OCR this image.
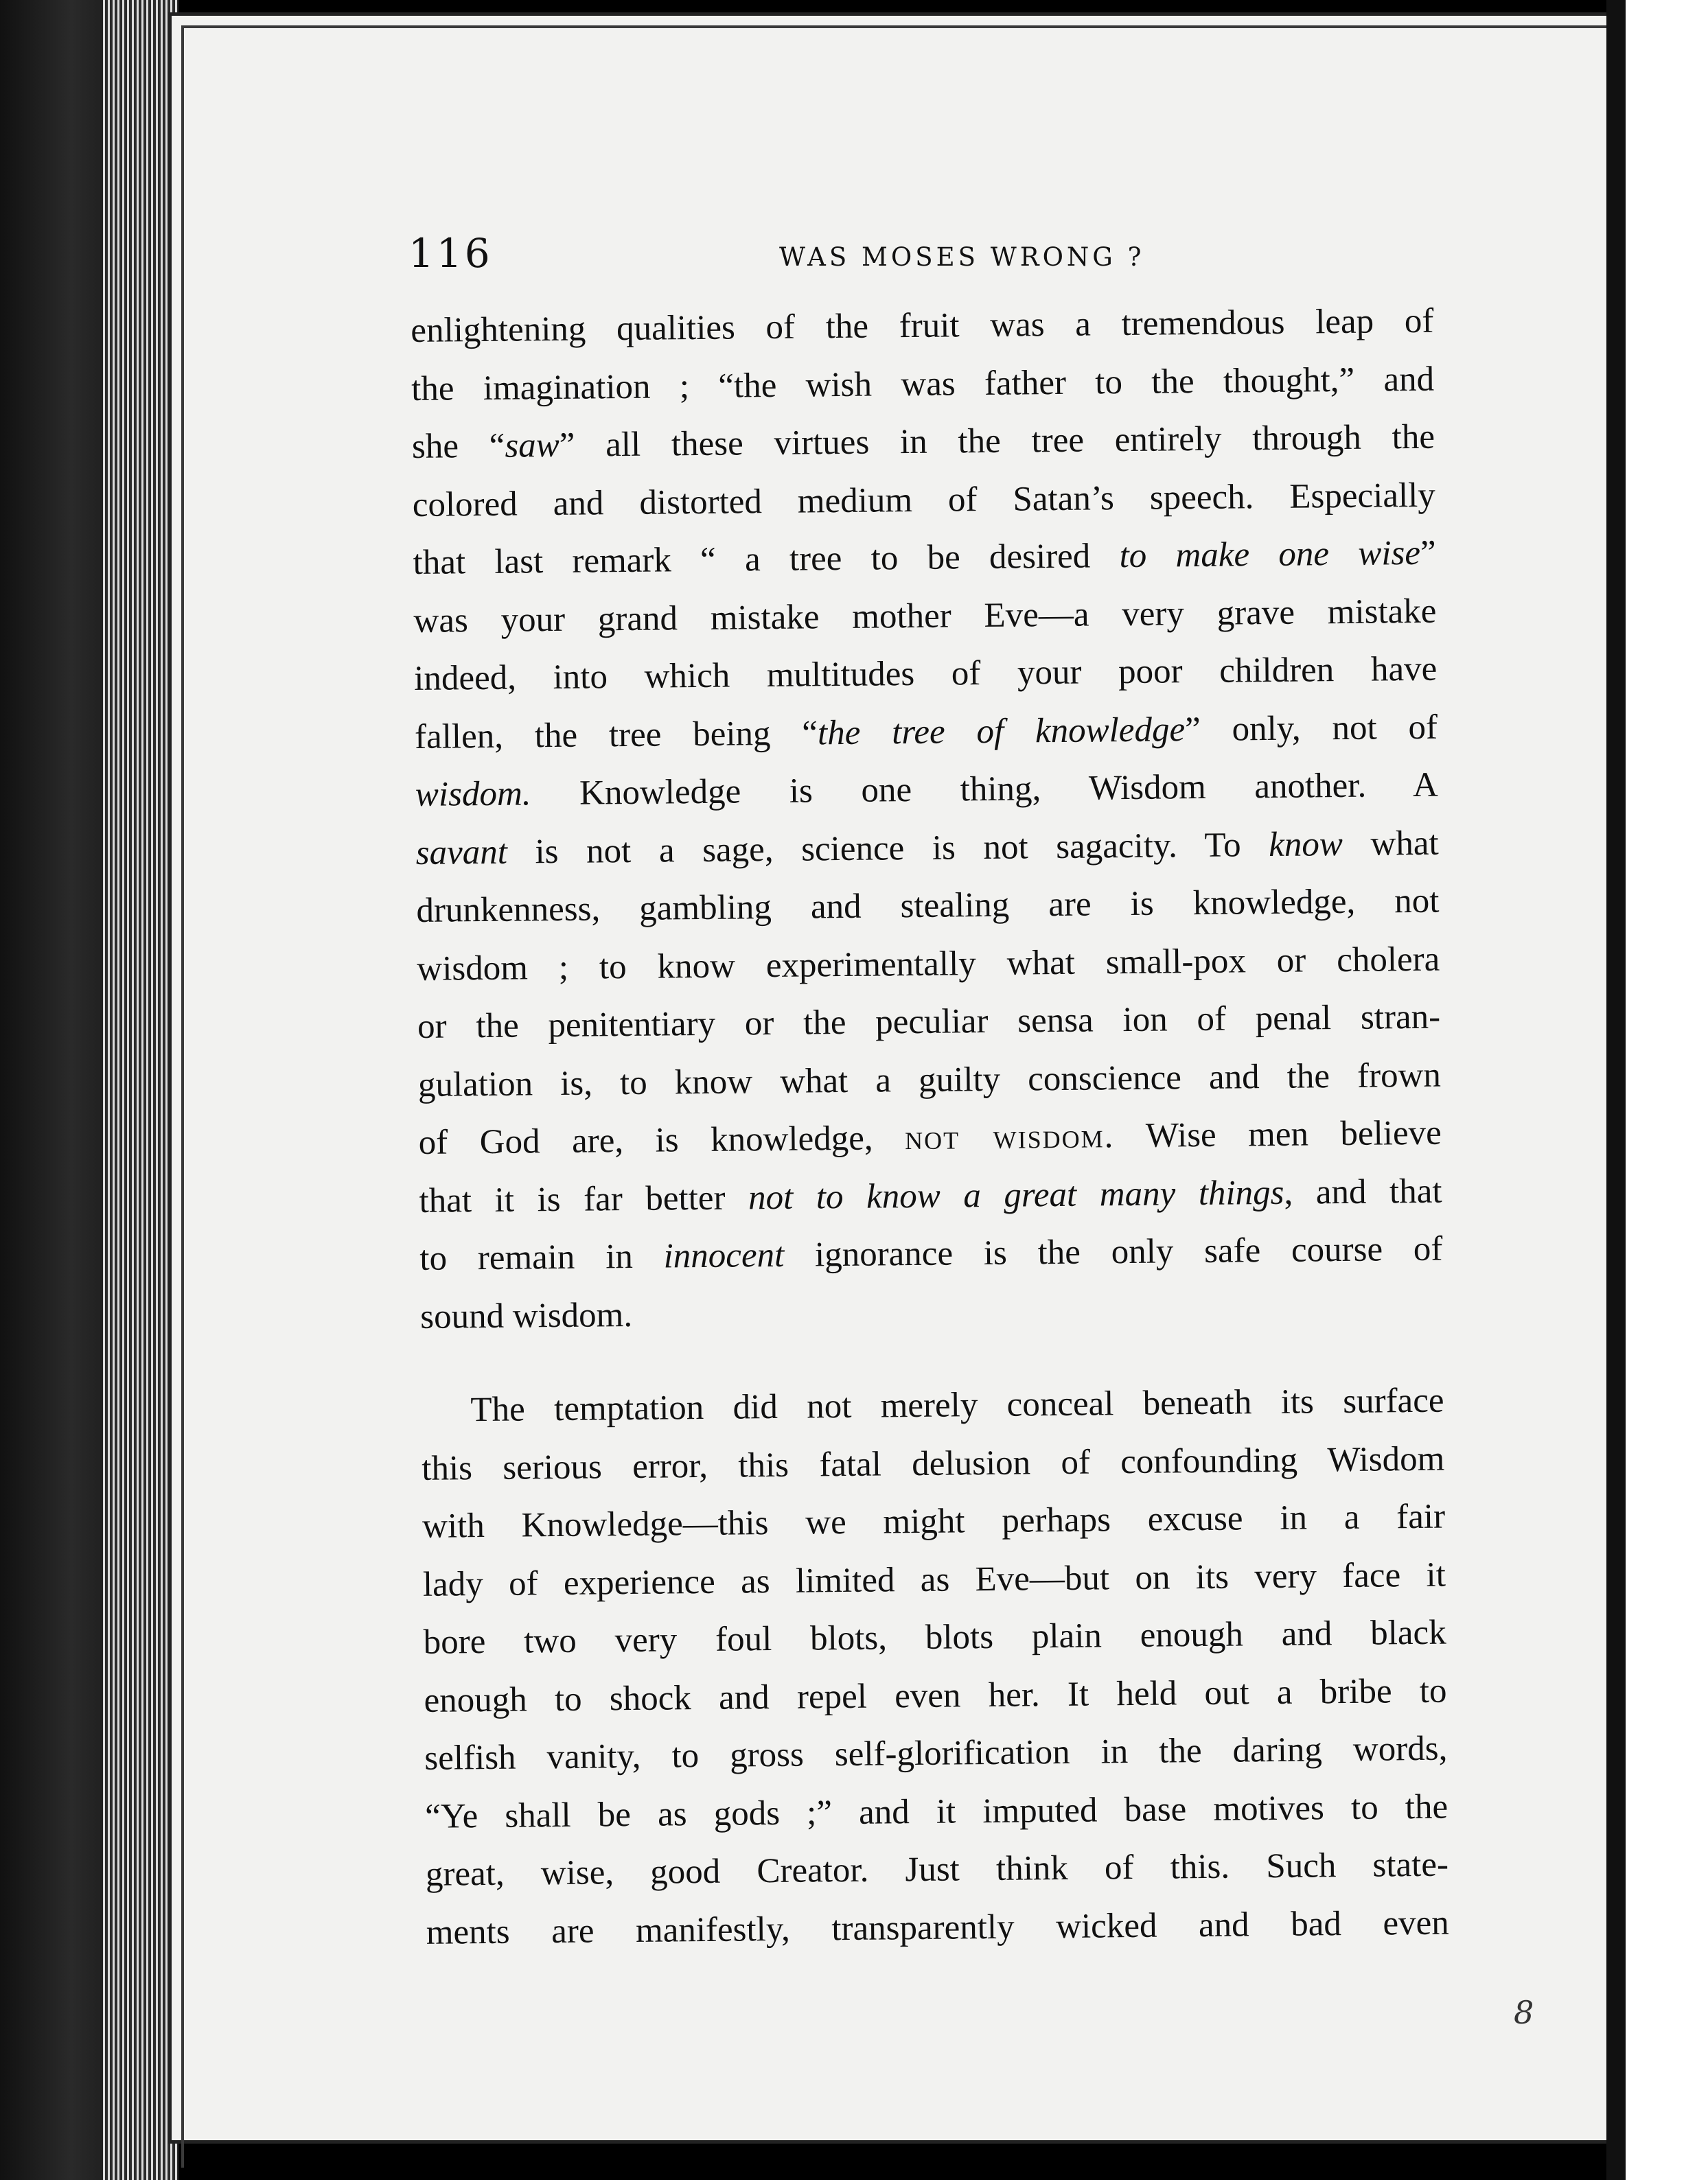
8
116	WAS MOSES WRONG ?
enlightening qualities of the fruit was a tremendous leap of
the imagination ; “the wish was father to the thought,” and
she “saw” all these virtues in the tree entirely through the
colored and distorted medium of Satan’s speech. Especially
that last remark “ a tree to be desired to make one wise”
was your grand mistake mother Eve—a very grave mistake
indeed, into which multitudes of your poor children have
fallen, the tree being “the tree of knowledge” only, not of
wisdom. Knowledge is one thing, Wisdom another. A
savant is not a sage, science is not sagacity. To know what
drunkenness, gambling and stealing are is knowledge, not
wisdom ; to know experimentally what small-pox or cholera
or the penitentiary or the peculiar sensa ion of penal stran-
gulation is, to know what a guilty conscience and the frown
of God are, is knowledge, not wisdom. Wise men believe
that it is far better not to know a great many things, and that
to remain in innocent ignorance is the only safe course of
sound wisdom.
The temptation did not merely conceal beneath its surface
this serious error, this fatal delusion of confounding Wisdom
with Knowledge—this we might perhaps excuse in a fair
lady of experience as limited as Eve—but on its very face it
bore two very foul blots, blots plain enough and black
enough to shock and repel even her. It held out a bribe to
selfish vanity, to gross self-glorification in the daring words,
“Ye shall be as gods ;” and it imputed base motives to the
great, wise, good Creator. Just think of this. Such state-
ments are manifestly, transparently wicked and bad even
